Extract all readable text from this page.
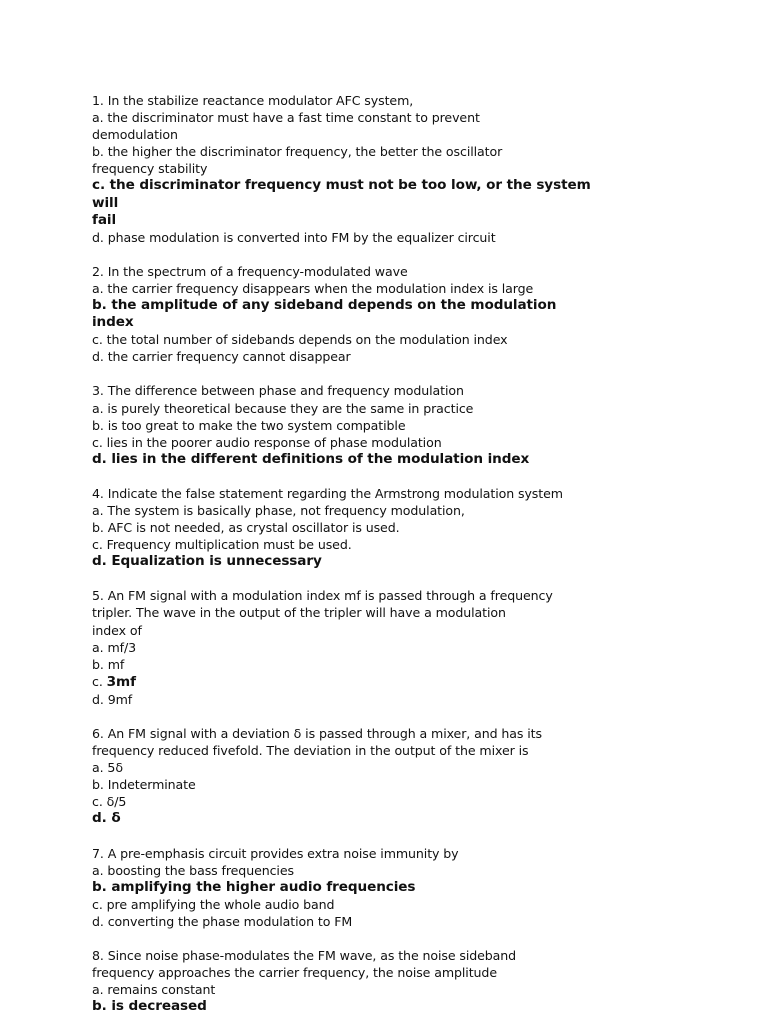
1. In the stabilize reactance modulator AFC system,
a. the discriminator must have a fast time constant to prevent
demodulation
b. the higher the discriminator frequency, the better the oscillator
frequency stability
c. the discriminator frequency must not be too low, or the system will
fail
d. phase modulation is converted into FM by the equalizer circuit
2. In the spectrum of a frequency-modulated wave
a. the carrier frequency disappears when the modulation index is large
b. the amplitude of any sideband depends on the modulation index
c. the total number of sidebands depends on the modulation index
d. the carrier frequency cannot disappear
3. The difference between phase and frequency modulation
a. is purely theoretical because they are the same in practice
b. is too great to make the two system compatible
c. lies in the poorer audio response of phase modulation
d. lies in the different definitions of the modulation index
4. Indicate the false statement regarding the Armstrong modulation system
a. The system is basically phase, not frequency modulation,
b. AFC is not needed, as crystal oscillator is used.
c. Frequency multiplication must be used.
d. Equalization is unnecessary
5. An FM signal with a modulation index mf is passed through a frequency
tripler. The wave in the output of the tripler will have a modulation
index of
a. mf/3
b. mf
c. 3mf
d. 9mf
6. An FM signal with a deviation δ is passed through a mixer, and has its
frequency reduced fivefold. The deviation in the output of the mixer is
a. 5δ
b. Indeterminate
c. δ/5
d. δ
7. A pre-emphasis circuit provides extra noise immunity by
a. boosting the bass frequencies
b. amplifying the higher audio frequencies
c. pre amplifying the whole audio band
d. converting the phase modulation to FM
8. Since noise phase-modulates the FM wave, as the noise sideband
frequency approaches the carrier frequency, the noise amplitude
a. remains constant
b. is decreased
